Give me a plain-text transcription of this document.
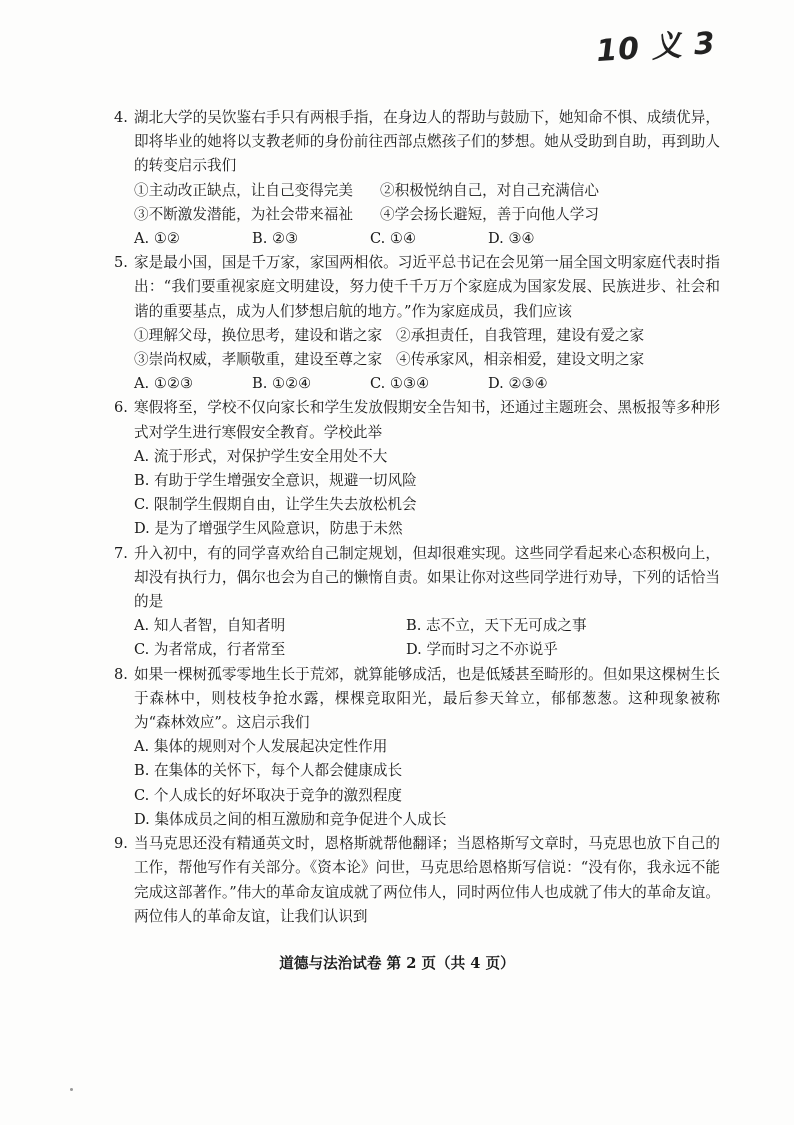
10 义 3
4. 湖北大学的吴饮鉴右手只有两根手指，在身边人的帮助与鼓励下，她知命不惧、成绩优异，即将毕业的她将以支教老师的身份前往西部点燃孩子们的梦想。她从受助到自助，再到助人的转变启示我们

①主动改正缺点，让自己变得完美	②积极悦纳自己，对自己充满信心
③不断激发潜能，为社会带来福祉	④学会扬长避短，善于向他人学习
A. ①②	B. ②③	C. ①④	D. ③④
5. 家是最小国，国是千万家，家国两相依。习近平总书记在会见第一届全国文明家庭代表时指出：“我们要重视家庭文明建设，努力使千千万万个家庭成为国家发展、民族进步、社会和谐的重要基点，成为人们梦想启航的地方。”作为家庭成员，我们应该

①理解父母，换位思考，建设和谐之家 ②承担责任，自我管理，建设有爱之家
③崇尚权威，孝顺敬重，建设至尊之家 ④传承家风，相亲相爱，建设文明之家
A. ①②③	B. ①②④	C. ①③④	D. ②③④
6. 寒假将至，学校不仅向家长和学生发放假期安全告知书，还通过主题班会、黑板报等多种形式对学生进行寒假安全教育。学校此举

A. 流于形式，对保护学生安全用处不大

B. 有助于学生增强安全意识，规避一切风险

C. 限制学生假期自由，让学生失去放松机会

D. 是为了增强学生风险意识，防患于未然

7. 升入初中，有的同学喜欢给自己制定规划，但却很难实现。这些同学看起来心态积极向上，却没有执行力，偶尔也会为自己的懒惰自责。如果让你对这些同学进行劝导，下列的话恰当的是

A. 知人者智，自知者明	B. 志不立，天下无可成之事
C. 为者常成，行者常至	D. 学而时习之不亦说乎
8. 如果一棵树孤零零地生长于荒郊，就算能够成活，也是低矮甚至畸形的。但如果这棵树生长于森林中，则枝枝争抢水露，棵棵竞取阳光，最后参天耸立，郁郁葱葱。这种现象被称为“森林效应”。这启示我们

A. 集体的规则对个人发展起决定性作用

B. 在集体的关怀下，每个人都会健康成长

C. 个人成长的好坏取决于竞争的激烈程度

D. 集体成员之间的相互激励和竞争促进个人成长

9. 当马克思还没有精通英文时，恩格斯就帮他翻译；当恩格斯写文章时，马克思也放下自己的工作，帮他写作有关部分。《资本论》问世，马克思给恩格斯写信说：“没有你，我永远不能完成这部著作。”伟大的革命友谊成就了两位伟人，同时两位伟人也成就了伟大的革命友谊。两位伟人的革命友谊，让我们认识到

道德与法治试卷 第 2 页（共 4 页）
